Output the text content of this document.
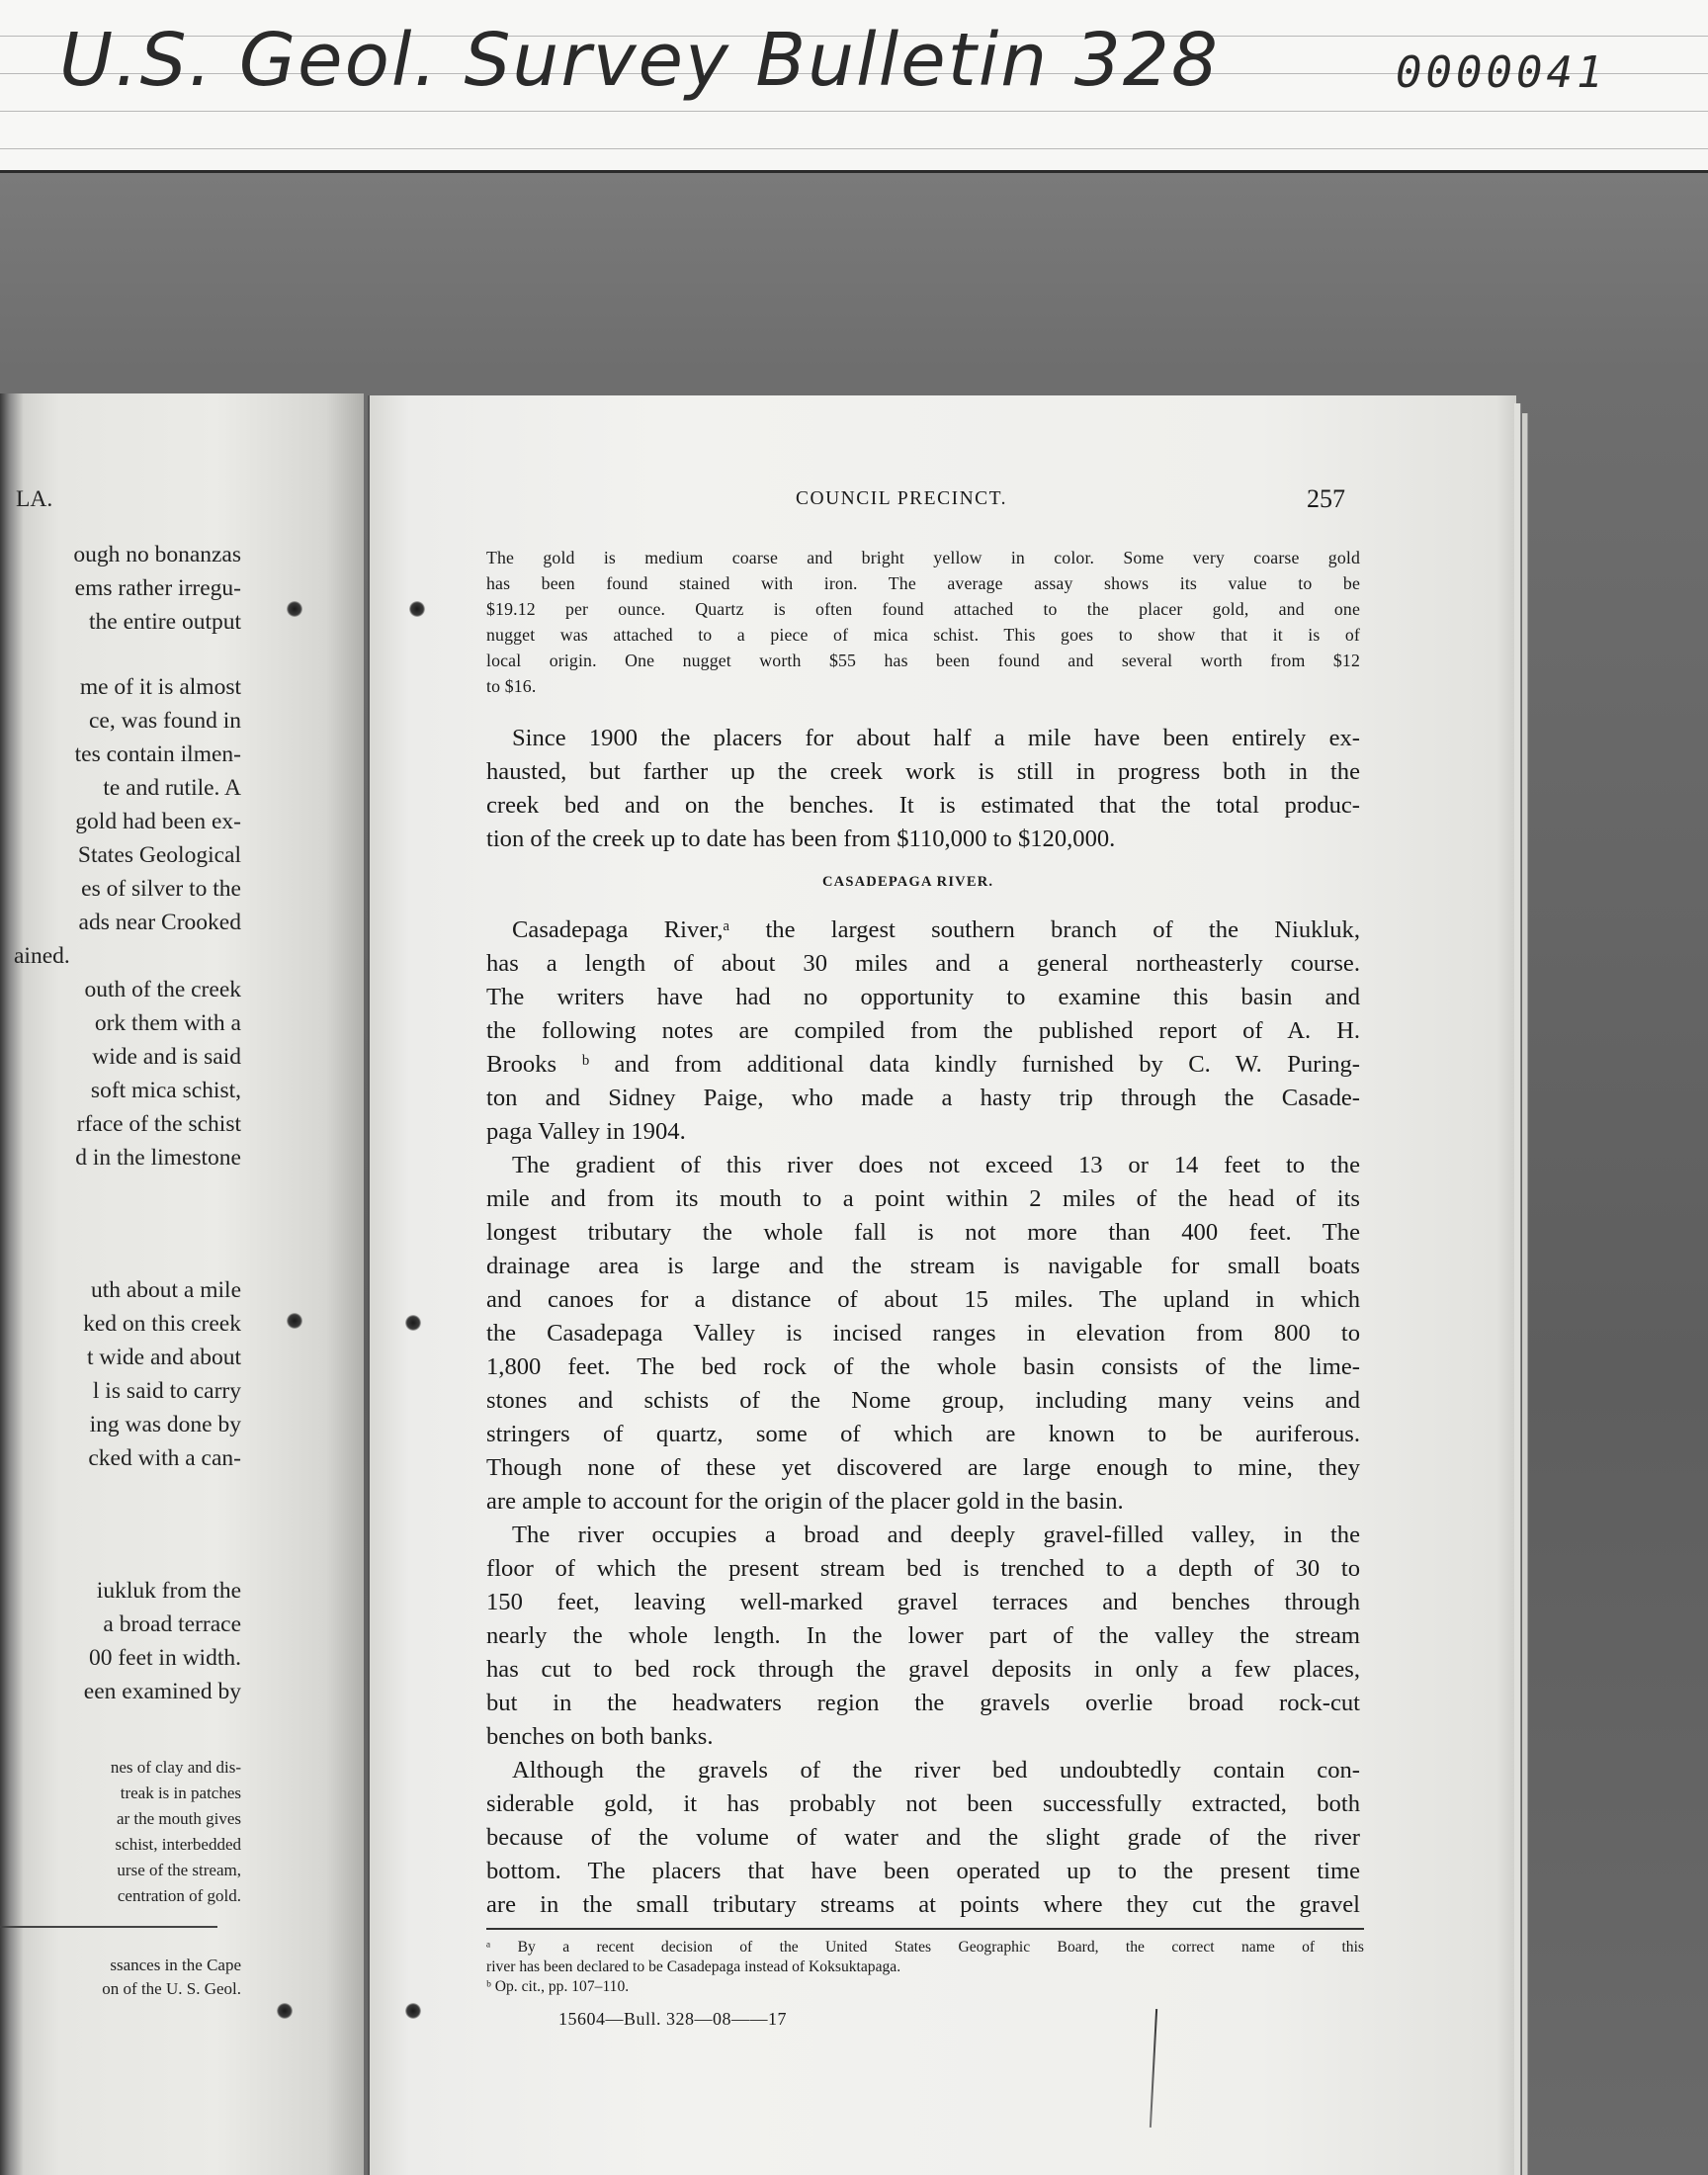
U.S. Geol. Survey Bulletin 328	0000041
LA.
ough no bonanzas
ems rather irregu-
the entire output
me of it is almost
ce, was found in
tes contain ilmen-
te and rutile. A
gold had been ex-
States Geological
es of silver to the
ads near Crooked
ained.
outh of the creek
ork them with a
wide and is said
soft mica schist,
rface of the schist
d in the limestone
uth about a mile
ked on this creek
t wide and about
l is said to carry
ing was done by
cked with a can-
iukluk from the
a broad terrace
00 feet in width.
een examined by
nes of clay and dis-
treak is in patches
ar the mouth gives
schist, interbedded
urse of the stream,
centration of gold.
ssances in the Cape
on of the U. S. Geol.
COUNCIL PRECINCT.	257
The gold is medium coarse and bright yellow in color. Some very coarse gold
has been found stained with iron. The average assay shows its value to be
$19.12 per ounce. Quartz is often found attached to the placer gold, and one
nugget was attached to a piece of mica schist. This goes to show that it is of
local origin. One nugget worth $55 has been found and several worth from $12
to $16.
Since 1900 the placers for about half a mile have been entirely ex-
hausted, but farther up the creek work is still in progress both in the
creek bed and on the benches. It is estimated that the total produc-
tion of the creek up to date has been from $110,000 to $120,000.
CASADEPAGA RIVER.
Casadepaga River,ᵃ the largest southern branch of the Niukluk,
has a length of about 30 miles and a general northeasterly course.
The writers have had no opportunity to examine this basin and
the following notes are compiled from the published report of A. H.
Brooks ᵇ and from additional data kindly furnished by C. W. Puring-
ton and Sidney Paige, who made a hasty trip through the Casade-
paga Valley in 1904.
The gradient of this river does not exceed 13 or 14 feet to the
mile and from its mouth to a point within 2 miles of the head of its
longest tributary the whole fall is not more than 400 feet. The
drainage area is large and the stream is navigable for small boats
and canoes for a distance of about 15 miles. The upland in which
the Casadepaga Valley is incised ranges in elevation from 800 to
1,800 feet. The bed rock of the whole basin consists of the lime-
stones and schists of the Nome group, including many veins and
stringers of quartz, some of which are known to be auriferous.
Though none of these yet discovered are large enough to mine, they
are ample to account for the origin of the placer gold in the basin.
The river occupies a broad and deeply gravel-filled valley, in the
floor of which the present stream bed is trenched to a depth of 30 to
150 feet, leaving well-marked gravel terraces and benches through
nearly the whole length. In the lower part of the valley the stream
has cut to bed rock through the gravel deposits in only a few places,
but in the headwaters region the gravels overlie broad rock-cut
benches on both banks.
Although the gravels of the river bed undoubtedly contain con-
siderable gold, it has probably not been successfully extracted, both
because of the volume of water and the slight grade of the river
bottom. The placers that have been operated up to the present time
are in the small tributary streams at points where they cut the gravel
ᵃ By a recent decision of the United States Geographic Board, the correct name of this
river has been declared to be Casadepaga instead of Koksuktapaga.
ᵇ Op. cit., pp. 107–110.
15604—Bull. 328—08——17
